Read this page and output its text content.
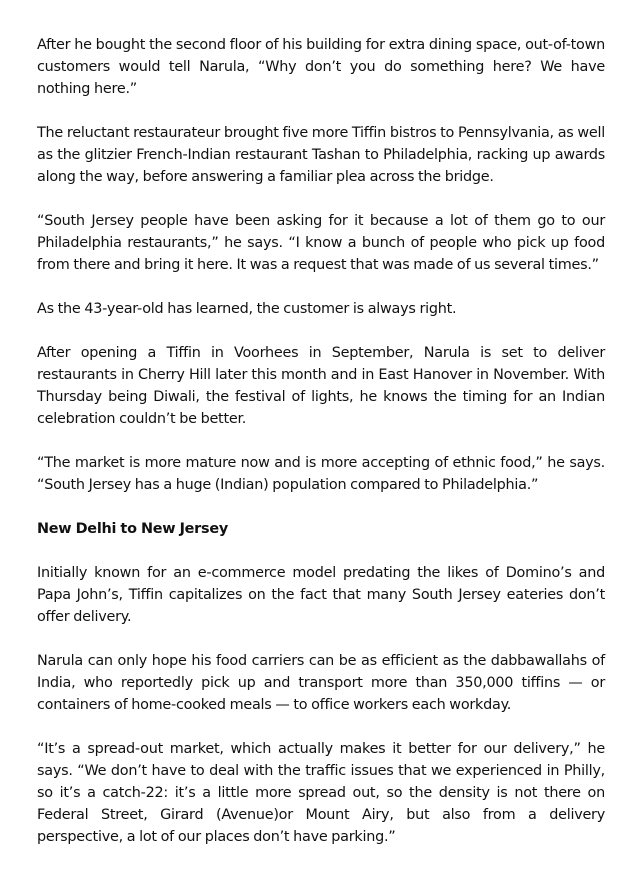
After he bought the second floor of his building for extra dining space, out-of-town customers would tell Narula, “Why don’t you do something here? We have nothing here.”

The reluctant restaurateur brought five more Tiffin bistros to Pennsylvania, as well as the glitzier French-Indian restaurant Tashan to Philadelphia, racking up awards along the way, before answering a familiar plea across the bridge.

“South Jersey people have been asking for it because a lot of them go to our Philadelphia restaurants,” he says. “I know a bunch of people who pick up food from there and bring it here. It was a request that was made of us several times.”

As the 43-year-old has learned, the customer is always right.

After opening a Tiffin in Voorhees in September, Narula is set to deliver restaurants in Cherry Hill later this month and in East Hanover in November. With Thursday being Diwali, the festival of lights, he knows the timing for an Indian celebration couldn’t be better.

“The market is more mature now and is more accepting of ethnic food,” he says. “South Jersey has a huge (Indian) population compared to Philadelphia.”

New Delhi to New Jersey

Initially known for an e-commerce model predating the likes of Domino’s and Papa John’s, Tiffin capitalizes on the fact that many South Jersey eateries don’t offer delivery.

Narula can only hope his food carriers can be as efficient as the dabbawallahs of India, who reportedly pick up and transport more than 350,000 tiffins — or containers of home-cooked meals — to office workers each workday.

“It’s a spread-out market, which actually makes it better for our delivery,” he says. “We don’t have to deal with the traffic issues that we experienced in Philly, so it’s a catch-22: it’s a little more spread out, so the density is not there on Federal Street, Girard (Avenue)or Mount Airy, but also from a delivery perspective, a lot of our places don’t have parking.”
